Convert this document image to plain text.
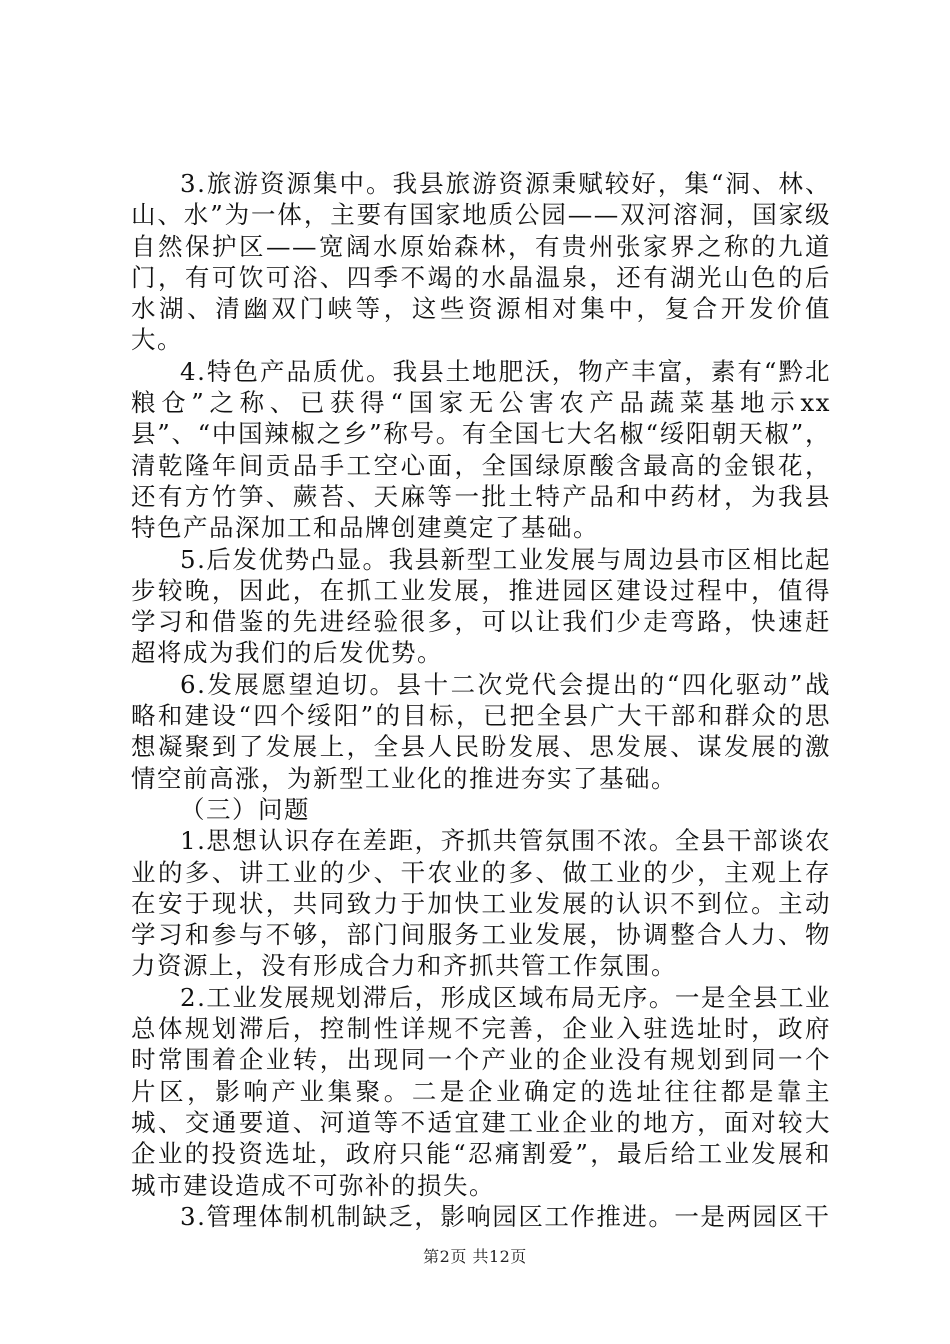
3.旅游资源集中。我县旅游资源秉赋较好，集“洞、林、山、水”为一体，主要有国家地质公园——双河溶洞，国家级自然保护区——宽阔水原始森林，有贵州张家界之称的九道门，有可饮可浴、四季不竭的水晶温泉，还有湖光山色的后水湖、清幽双门峡等，这些资源相对集中，复合开发价值大。

4.特色产品质优。我县土地肥沃，物产丰富，素有“黔北粮仓”之称、已获得“国家无公害农产品蔬菜基地示xx县”、“中国辣椒之乡”称号。有全国七大名椒“绥阳朝天椒”，清乾隆年间贡品手工空心面，全国绿原酸含最高的金银花，还有方竹笋、蕨苔、天麻等一批土特产品和中药材，为我县特色产品深加工和品牌创建奠定了基础。

5.后发优势凸显。我县新型工业发展与周边县市区相比起步较晚，因此，在抓工业发展，推进园区建设过程中，值得学习和借鉴的先进经验很多，可以让我们少走弯路，快速赶超将成为我们的后发优势。

6.发展愿望迫切。县十二次党代会提出的“四化驱动”战略和建设“四个绥阳”的目标，已把全县广大干部和群众的思想凝聚到了发展上，全县人民盼发展、思发展、谋发展的激情空前高涨，为新型工业化的推进夯实了基础。

（三）问题

1.思想认识存在差距，齐抓共管氛围不浓。全县干部谈农业的多、讲工业的少、干农业的多、做工业的少，主观上存在安于现状，共同致力于加快工业发展的认识不到位。主动学习和参与不够，部门间服务工业发展，协调整合人力、物力资源上，没有形成合力和齐抓共管工作氛围。

2.工业发展规划滞后，形成区域布局无序。一是全县工业总体规划滞后，控制性详规不完善，企业入驻选址时，政府时常围着企业转，出现同一个产业的企业没有规划到同一个片区，影响产业集聚。二是企业确定的选址往往都是靠主城、交通要道、河道等不适宜建工业企业的地方，面对较大企业的投资选址，政府只能“忍痛割爱”，最后给工业发展和城市建设造成不可弥补的损失。

3.管理体制机制缺乏，影响园区工作推进。一是两园区干

第2页 共12页
